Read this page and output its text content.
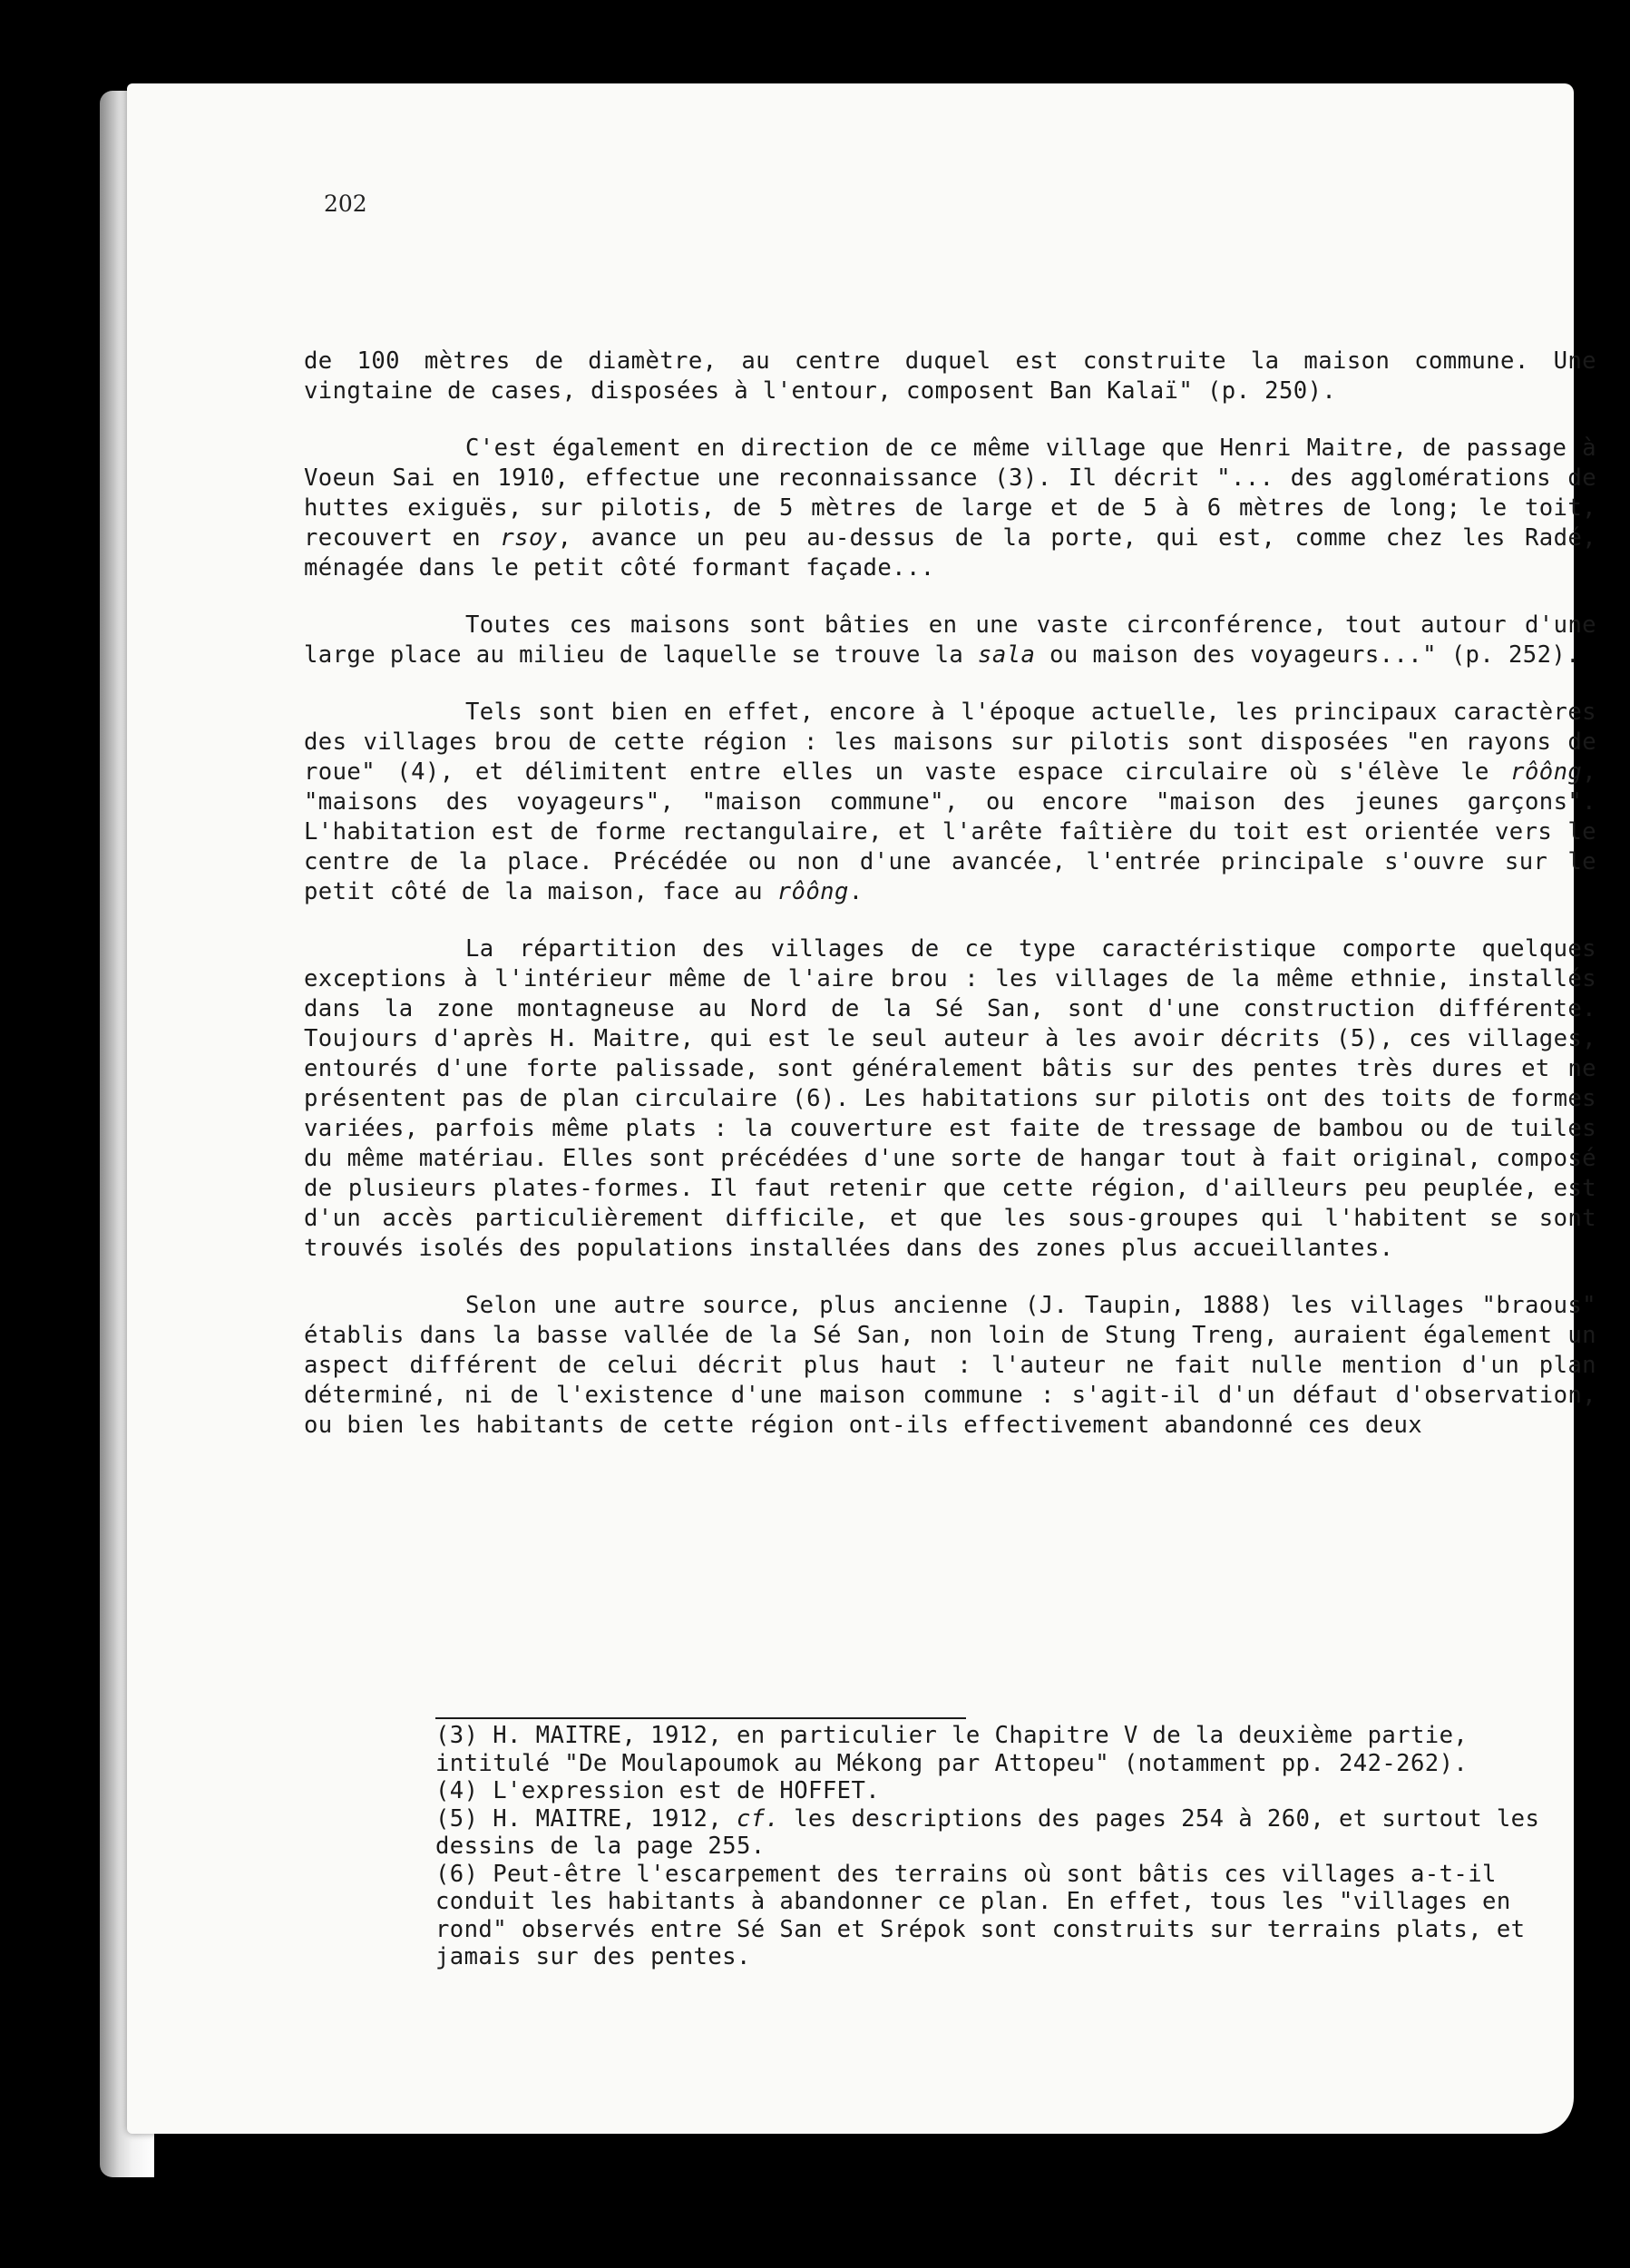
202

de 100 mètres de diamètre, au centre duquel est construite la maison commune. Une vingtaine de cases, disposées à l'entour, composent Ban Kalaï" (p. 250).

C'est également en direction de ce même village que Henri Maitre, de passage à Voeun Sai en 1910, effectue une reconnaissance (3). Il décrit "... des agglomérations de huttes exiguës, sur pilotis, de 5 mètres de large et de 5 à 6 mètres de long; le toit, recouvert en rsoy, avance un peu au-dessus de la porte, qui est, comme chez les Radé, ménagée dans le petit côté formant façade...

Toutes ces maisons sont bâties en une vaste circonférence, tout autour d'une large place au milieu de laquelle se trouve la sala ou maison des voyageurs..." (p. 252).

Tels sont bien en effet, encore à l'époque actuelle, les principaux caractères des villages brou de cette région : les maisons sur pilotis sont disposées "en rayons de roue" (4), et délimitent entre elles un vaste espace circulaire où s'élève le rôông, "maisons des voyageurs", "maison commune", ou encore "maison des jeunes garçons". L'habitation est de forme rectangulaire, et l'arête faîtière du toit est orientée vers le centre de la place. Précédée ou non d'une avancée, l'entrée principale s'ouvre sur le petit côté de la maison, face au rôông.

La répartition des villages de ce type caractéristique comporte quelques exceptions à l'intérieur même de l'aire brou : les villages de la même ethnie, installés dans la zone montagneuse au Nord de la Sé San, sont d'une construction différente. Toujours d'après H. Maitre, qui est le seul auteur à les avoir décrits (5), ces villages, entourés d'une forte palissade, sont généralement bâtis sur des pentes très dures et ne présentent pas de plan circulaire (6). Les habitations sur pilotis ont des toits de formes variées, parfois même plats : la couverture est faite de tressage de bambou ou de tuiles du même matériau. Elles sont précédées d'une sorte de hangar tout à fait original, composé de plusieurs plates-formes. Il faut retenir que cette région, d'ailleurs peu peuplée, est d'un accès particulièrement difficile, et que les sous-groupes qui l'habitent se sont trouvés isolés des populations installées dans des zones plus accueillantes.

Selon une autre source, plus ancienne (J. Taupin, 1888) les villages "braous" établis dans la basse vallée de la Sé San, non loin de Stung Treng, auraient également un aspect différent de celui décrit plus haut : l'auteur ne fait nulle mention d'un plan déterminé, ni de l'existence d'une maison commune : s'agit-il d'un défaut d'observation, ou bien les habitants de cette région ont-ils effectivement abandonné ces deux

(3) H. MAITRE, 1912, en particulier le Chapitre V de la deuxième partie, intitulé "De Moulapoumok au Mékong par Attopeu" (notamment pp. 242-262).

(4) L'expression est de HOFFET.

(5) H. MAITRE, 1912, cf. les descriptions des pages 254 à 260, et surtout les dessins de la page 255.

(6) Peut-être l'escarpement des terrains où sont bâtis ces villages a-t-il conduit les habitants à abandonner ce plan. En effet, tous les "villages en rond" observés entre Sé San et Srépok sont construits sur terrains plats, et jamais sur des pentes.
